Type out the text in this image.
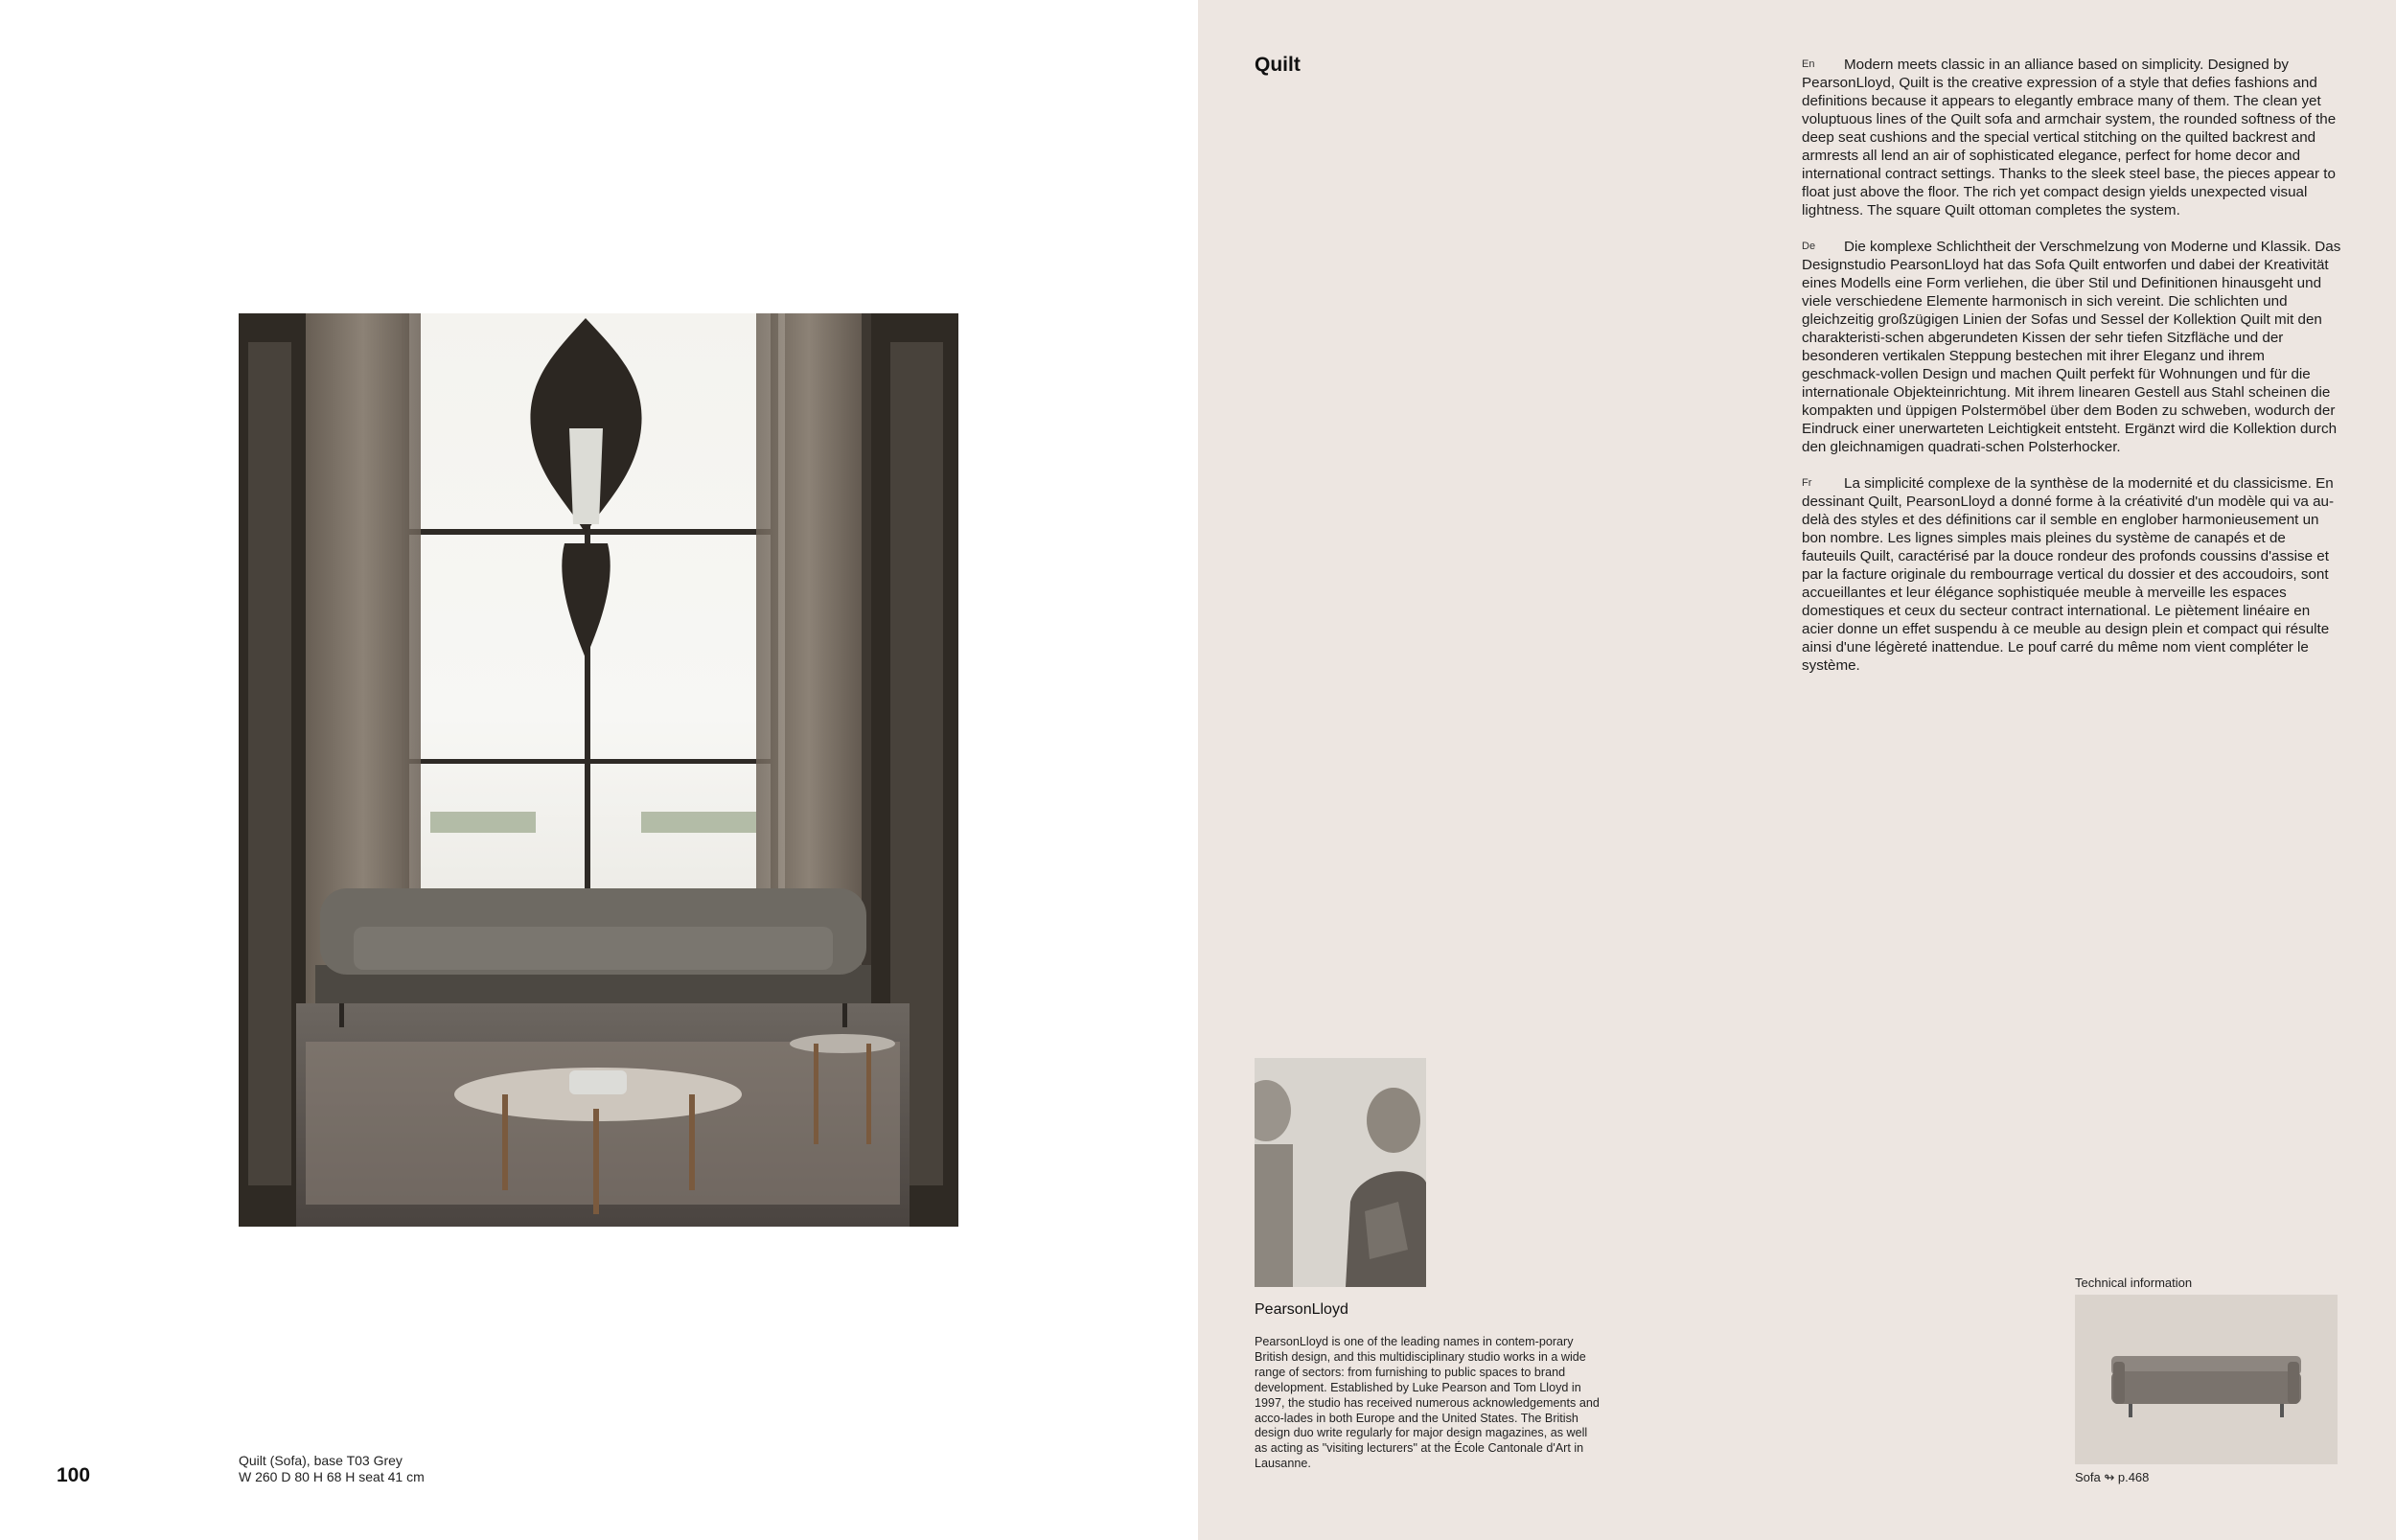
Quilt (Sofa), base T03 Grey
W 260 D 80 H 68 H seat 41 cm
100
Quilt	En	Modern meets classic in an alliance based on simplicity. Designed by PearsonLloyd, Quilt is the creative expression of a style that defies fashions and definitions because it appears to elegantly embrace many of them. The clean yet voluptuous lines of the Quilt sofa and armchair system, the rounded softness of the deep seat cushions and the special vertical stitching on the quilted backrest and armrests all lend an air of sophisticated elegance, perfect for home decor and international contract settings. Thanks to the sleek steel base, the pieces appear to float just above the floor. The rich yet compact design yields unexpected visual lightness. The square Quilt ottoman completes the system.

De	Die komplexe Schlichtheit der Verschmelzung von Moderne und Klassik. Das Designstudio PearsonLloyd hat das Sofa Quilt entworfen und dabei der Kreativität eines Modells eine Form verliehen, die über Stil und Definitionen hinausgeht und viele verschiedene Elemente harmonisch in sich vereint. Die schlichten und gleichzeitig großzügigen Linien der Sofas und Sessel der Kollektion Quilt mit den charakteristi-schen abgerundeten Kissen der sehr tiefen Sitzfläche und der besonderen vertikalen Steppung bestechen mit ihrer Eleganz und ihrem geschmack-vollen Design und machen Quilt perfekt für Wohnungen und für die internationale Objekteinrichtung. Mit ihrem linearen Gestell aus Stahl scheinen die kompakten und üppigen Polstermöbel über dem Boden zu schweben, wodurch der Eindruck einer unerwarteten Leichtigkeit entsteht. Ergänzt wird die Kollektion durch den gleichnamigen quadrati-schen Polsterhocker.

Fr	La simplicité complexe de la synthèse de la modernité et du classicisme. En dessinant Quilt, PearsonLloyd a donné forme à la créativité d'un modèle qui va au-delà des styles et des définitions car il semble en englober harmonieusement un bon nombre. Les lignes simples mais pleines du système de canapés et de fauteuils Quilt, caractérisé par la douce rondeur des profonds coussins d'assise et par la facture originale du rembourrage vertical du dossier et des accoudoirs, sont accueillantes et leur élégance sophistiquée meuble à merveille les espaces domestiques et ceux du secteur contract international. Le piètement linéaire en acier donne un effet suspendu à ce meuble au design plein et compact qui résulte ainsi d'une légèreté inattendue. Le pouf carré du même nom vient compléter le système.

PearsonLloyd

PearsonLloyd is one of the leading names in contem-porary British design, and this multidisciplinary studio works in a wide range of sectors: from furnishing to public spaces to brand development. Established by Luke Pearson and Tom Lloyd in 1997, the studio has received numerous acknowledgements and acco-lades in both Europe and the United States. The British design duo write regularly for major design magazines, as well as acting as "visiting lecturers" at the École Cantonale d'Art in Lausanne.

Technical information
Sofa ↬ p.468
